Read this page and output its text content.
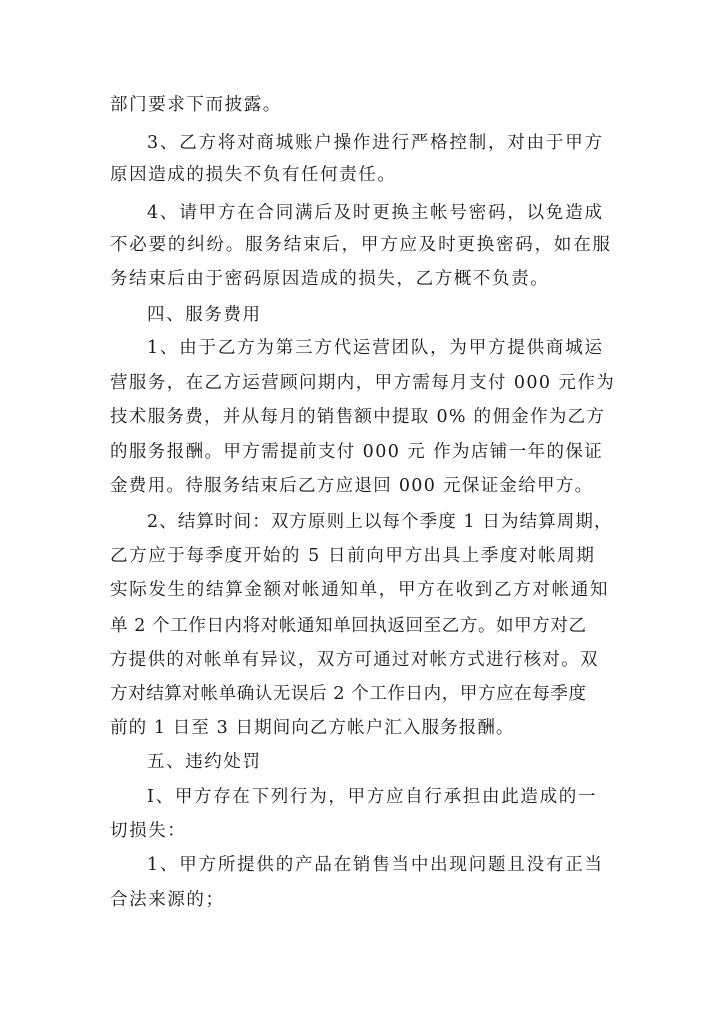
部门要求下而披露。
3、乙方将对商城账户操作进行严格控制，对由于甲方
原因造成的损失不负有任何责任。
4、请甲方在合同满后及时更换主帐号密码，以免造成
不必要的纠纷。服务结束后，甲方应及时更换密码，如在服
务结束后由于密码原因造成的损失，乙方概不负责。
四、服务费用
1、由于乙方为第三方代运营团队，为甲方提供商城运
营服务，在乙方运营顾问期内，甲方需每月支付 000 元作为
技术服务费，并从每月的销售额中提取 0% 的佣金作为乙方
的服务报酬。甲方需提前支付 000 元 作为店铺一年的保证
金费用。待服务结束后乙方应退回 000 元保证金给甲方。
2、结算时间：双方原则上以每个季度 1 日为结算周期，
乙方应于每季度开始的 5 日前向甲方出具上季度对帐周期
实际发生的结算金额对帐通知单，甲方在收到乙方对帐通知
单 2 个工作日内将对帐通知单回执返回至乙方。如甲方对乙
方提供的对帐单有异议，双方可通过对帐方式进行核对。双
方对结算对帐单确认无误后 2 个工作日内，甲方应在每季度
前的 1 日至 3 日期间向乙方帐户汇入服务报酬。
五、违约处罚
I、甲方存在下列行为，甲方应自行承担由此造成的一
切损失：
1、甲方所提供的产品在销售当中出现问题且没有正当
合法来源的；
